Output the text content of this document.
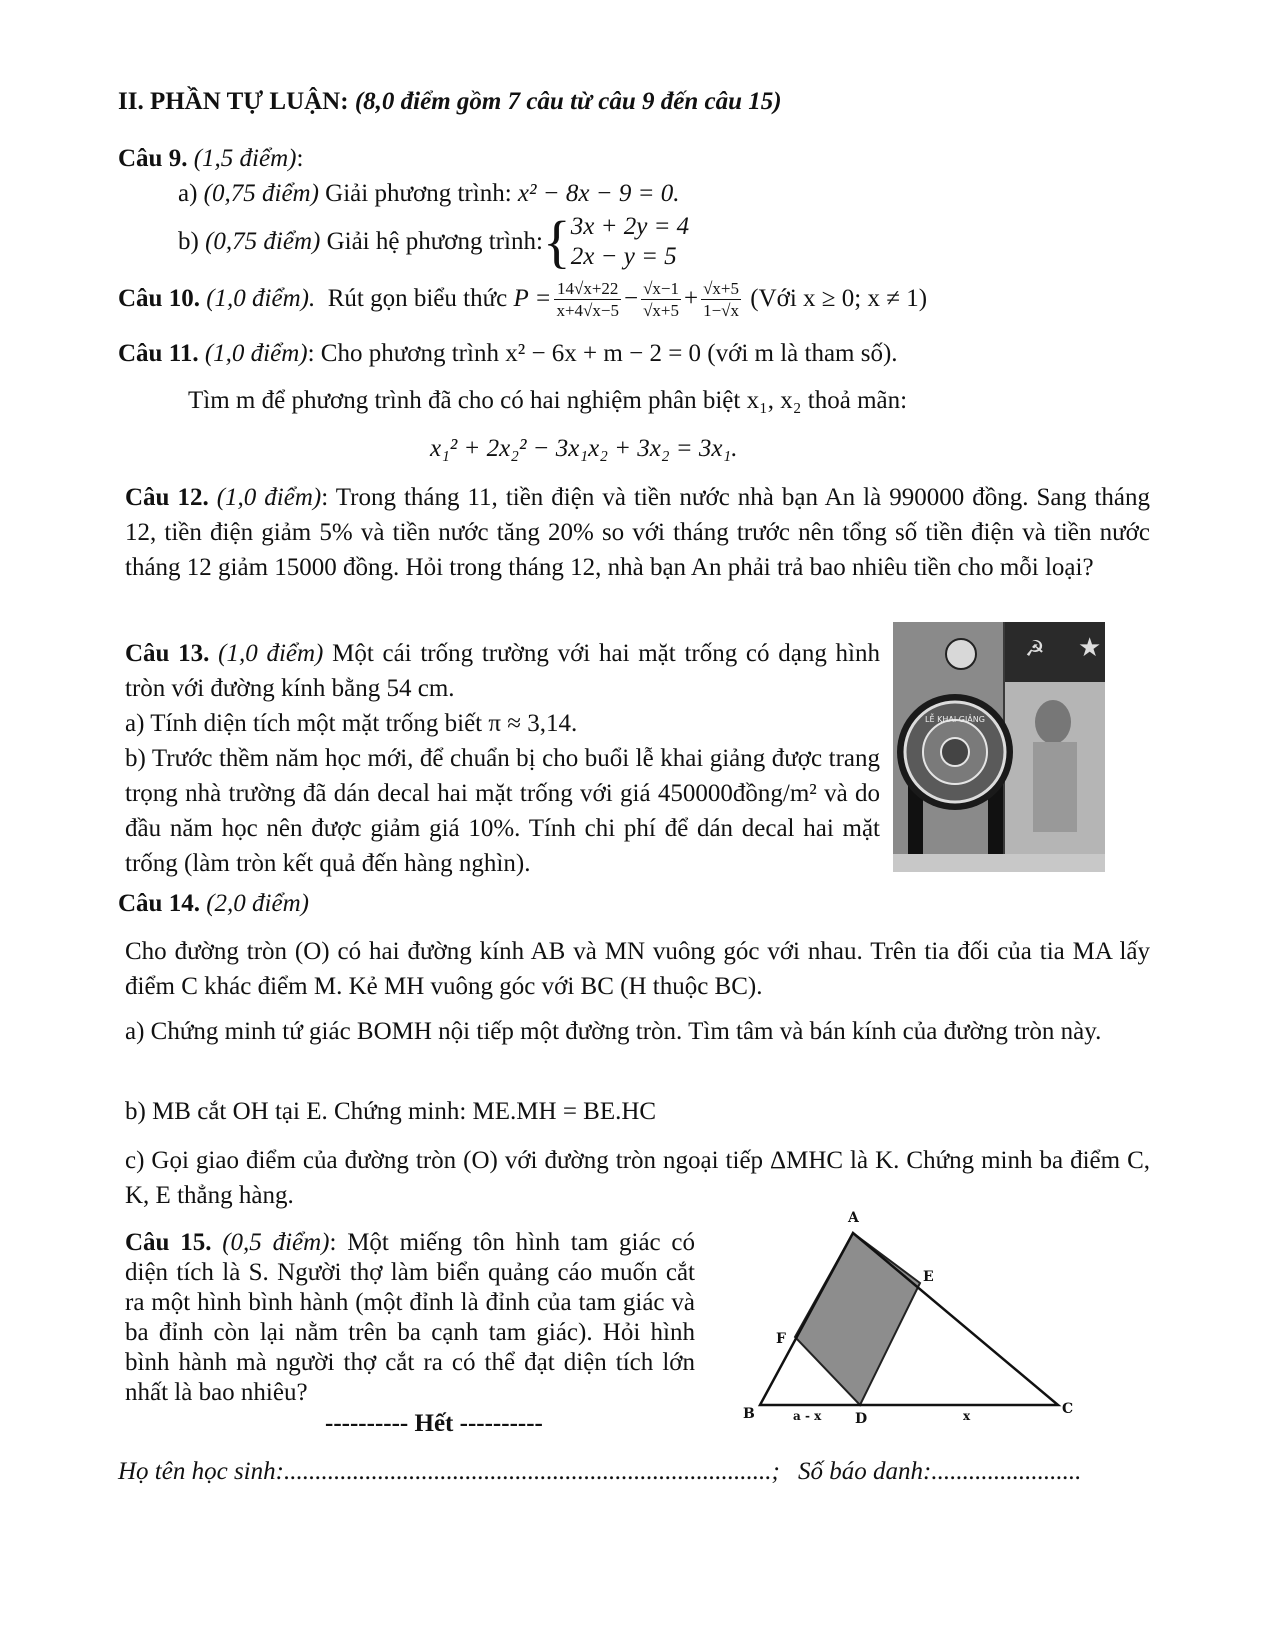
II. PHẦN TỰ LUẬN: (8,0 điểm gồm 7 câu từ câu 9 đến câu 15)
Câu 9. (1,5 điểm):
a) (0,75 điểm) Giải phương trình: x² − 8x − 9 = 0.
b)
(0,75 điểm)
Giải hệ phương trình: { 3x + 2y = 4
2x − y = 5
Câu 10.
(1,0 điểm).
Rút gọn biểu thức
$P = \frac{14√x+22}{x+4√x-5} - \frac{√x-1}{√x+5} + \frac{√x+5}{1-√x}$
(Với x ≥ 0; x ≠ 1)
Câu 11. (1,0 điểm): Cho phương trình x² − 6x + m − 2 = 0 (với m là tham số).
Tìm m để phương trình đã cho có hai nghiệm phân biệt x₁, x₂ thoả mãn:
x₁² + 2x₂² − 3x₁x₂ + 3x₂ = 3x₁.
Câu 12. (1,0 điểm): Trong tháng 11, tiền điện và tiền nước nhà bạn An là 990000 đồng. Sang tháng 12, tiền điện giảm 5% và tiền nước tăng 20% so với tháng trước nên tổng số tiền điện và tiền nước tháng 12 giảm 15000 đồng. Hỏi trong tháng 12, nhà bạn An phải trả bao nhiêu tiền cho mỗi loại?
Câu 13. (1,0 điểm) Một cái trống trường với hai mặt trống có dạng hình tròn với đường kính bằng 54 cm.
a) Tính diện tích một mặt trống biết π ≈ 3,14.
b) Trước thềm năm học mới, để chuẩn bị cho buổi lễ khai giảng được trang trọng nhà trường đã dán decal hai mặt trống với giá 450000đồng/m² và do đầu năm học nên được giảm giá 10%. Tính chi phí để dán decal hai mặt trống (làm tròn kết quả đến hàng nghìn).
★
☭
LỄ KHAI GIẢNG
Câu 14. (2,0 điểm)
Cho đường tròn (O) có hai đường kính AB và MN vuông góc với nhau. Trên tia đối của tia MA lấy điểm C khác điểm M. Kẻ MH vuông góc với BC (H thuộc BC).
a) Chứng minh tứ giác BOMH nội tiếp một đường tròn. Tìm tâm và bán kính của đường tròn này.
b) MB cắt OH tại E. Chứng minh: ME.MH = BE.HC
c) Gọi giao điểm của đường tròn (O) với đường tròn ngoại tiếp ΔMHC là K. Chứng minh ba điểm C, K, E thẳng hàng.
Câu 15. (0,5 điểm): Một miếng tôn hình tam giác có diện tích là S. Người thợ làm biển quảng cáo muốn cắt ra một hình bình hành (một đỉnh là đỉnh của tam giác và ba đỉnh còn lại nằm trên ba cạnh tam giác). Hỏi hình bình hành mà người thợ cắt ra có thể đạt diện tích lớn nhất là bao nhiêu?
A
B	C
D
E
F
a - x	x
---------- Hết ----------
Họ tên học sinh:..............................................................................; Số báo danh:........................
